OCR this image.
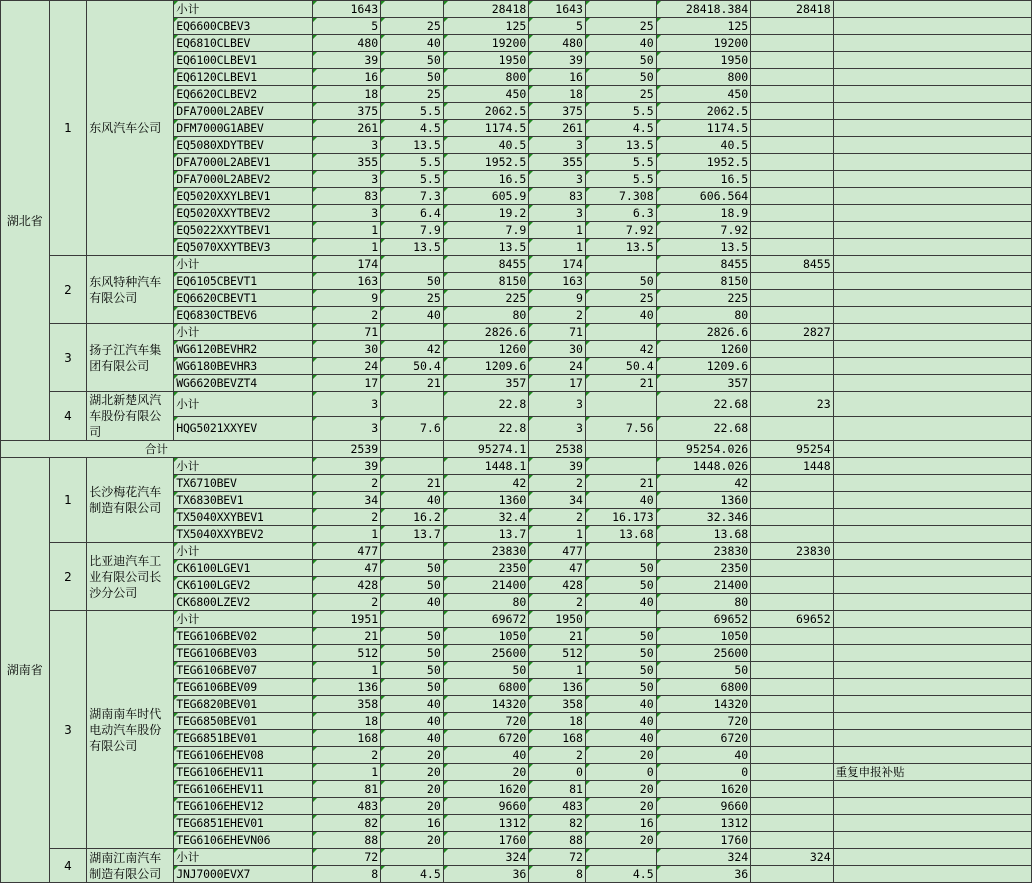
湖北省	1	东风汽车公司	小计	1643		28418	1643		28418.384	28418	
			EQ6600CBEV3	5	25	125	5	25	125		
			EQ6810CLBEV	480	40	19200	480	40	19200		
			EQ6100CLBEV1	39	50	1950	39	50	1950		
			EQ6120CLBEV1	16	50	800	16	50	800		
			EQ6620CLBEV2	18	25	450	18	25	450		
			DFA7000L2ABEV	375	5.5	2062.5	375	5.5	2062.5		
			DFM7000G1ABEV	261	4.5	1174.5	261	4.5	1174.5		
			EQ5080XDYTBEV	3	13.5	40.5	3	13.5	40.5		
			DFA7000L2ABEV1	355	5.5	1952.5	355	5.5	1952.5		
			DFA7000L2ABEV2	3	5.5	16.5	3	5.5	16.5		
			EQ5020XXYLBEV1	83	7.3	605.9	83	7.308	606.564		
			EQ5020XXYTBEV2	3	6.4	19.2	3	6.3	18.9		
			EQ5022XXYTBEV1	1	7.9	7.9	1	7.92	7.92		
			EQ5070XXYTBEV3	1	13.5	13.5	1	13.5	13.5		
	2	东风特种汽车有限公司	小计	174		8455	174		8455	8455	
			EQ6105CBEVT1	163	50	8150	163	50	8150		
			EQ6620CBEVT1	9	25	225	9	25	225		
			EQ6830CTBEV6	2	40	80	2	40	80		
	3	扬子江汽车集团有限公司	小计	71		2826.6	71		2826.6	2827	
			WG6120BEVHR2	30	42	1260	30	42	1260		
			WG6180BEVHR3	24	50.4	1209.6	24	50.4	1209.6		
			WG6620BEVZT4	17	21	357	17	21	357		
	4	湖北新楚风汽车股份有限公司	小计	3		22.8	3		22.68	23	
			HQG5021XXYEV	3	7.6	22.8	3	7.56	22.68		
合计				2539		95274.1	2538		95254.026	95254	
湖南省	1	长沙梅花汽车制造有限公司	小计	39		1448.1	39		1448.026	1448	
			TX6710BEV	2	21	42	2	21	42		
			TX6830BEV1	34	40	1360	34	40	1360		
			TX5040XXYBEV1	2	16.2	32.4	2	16.173	32.346		
			TX5040XXYBEV2	1	13.7	13.7	1	13.68	13.68		
	2	比亚迪汽车工业有限公司长沙分公司	小计	477		23830	477		23830	23830	
			CK6100LGEV1	47	50	2350	47	50	2350		
			CK6100LGEV2	428	50	21400	428	50	21400		
			CK6800LZEV2	2	40	80	2	40	80		
	3	湖南南车时代电动汽车股份有限公司	小计	1951		69672	1950		69652	69652	
			TEG6106BEV02	21	50	1050	21	50	1050		
			TEG6106BEV03	512	50	25600	512	50	25600		
			TEG6106BEV07	1	50	50	1	50	50		
			TEG6106BEV09	136	50	6800	136	50	6800		
			TEG6820BEV01	358	40	14320	358	40	14320		
			TEG6850BEV01	18	40	720	18	40	720		
			TEG6851BEV01	168	40	6720	168	40	6720		
			TEG6106EHEV08	2	20	40	2	20	40		
			TEG6106EHEV11	1	20	20	0	0	0		重复申报补贴
			TEG6106EHEV11	81	20	1620	81	20	1620		
			TEG6106EHEV12	483	20	9660	483	20	9660		
			TEG6851EHEV01	82	16	1312	82	16	1312		
			TEG6106EHEVN06	88	20	1760	88	20	1760		
	4	湖南江南汽车制造有限公司	小计	72		324	72		324	324	
			JNJ7000EVX7	8	4.5	36	8	4.5	36		
